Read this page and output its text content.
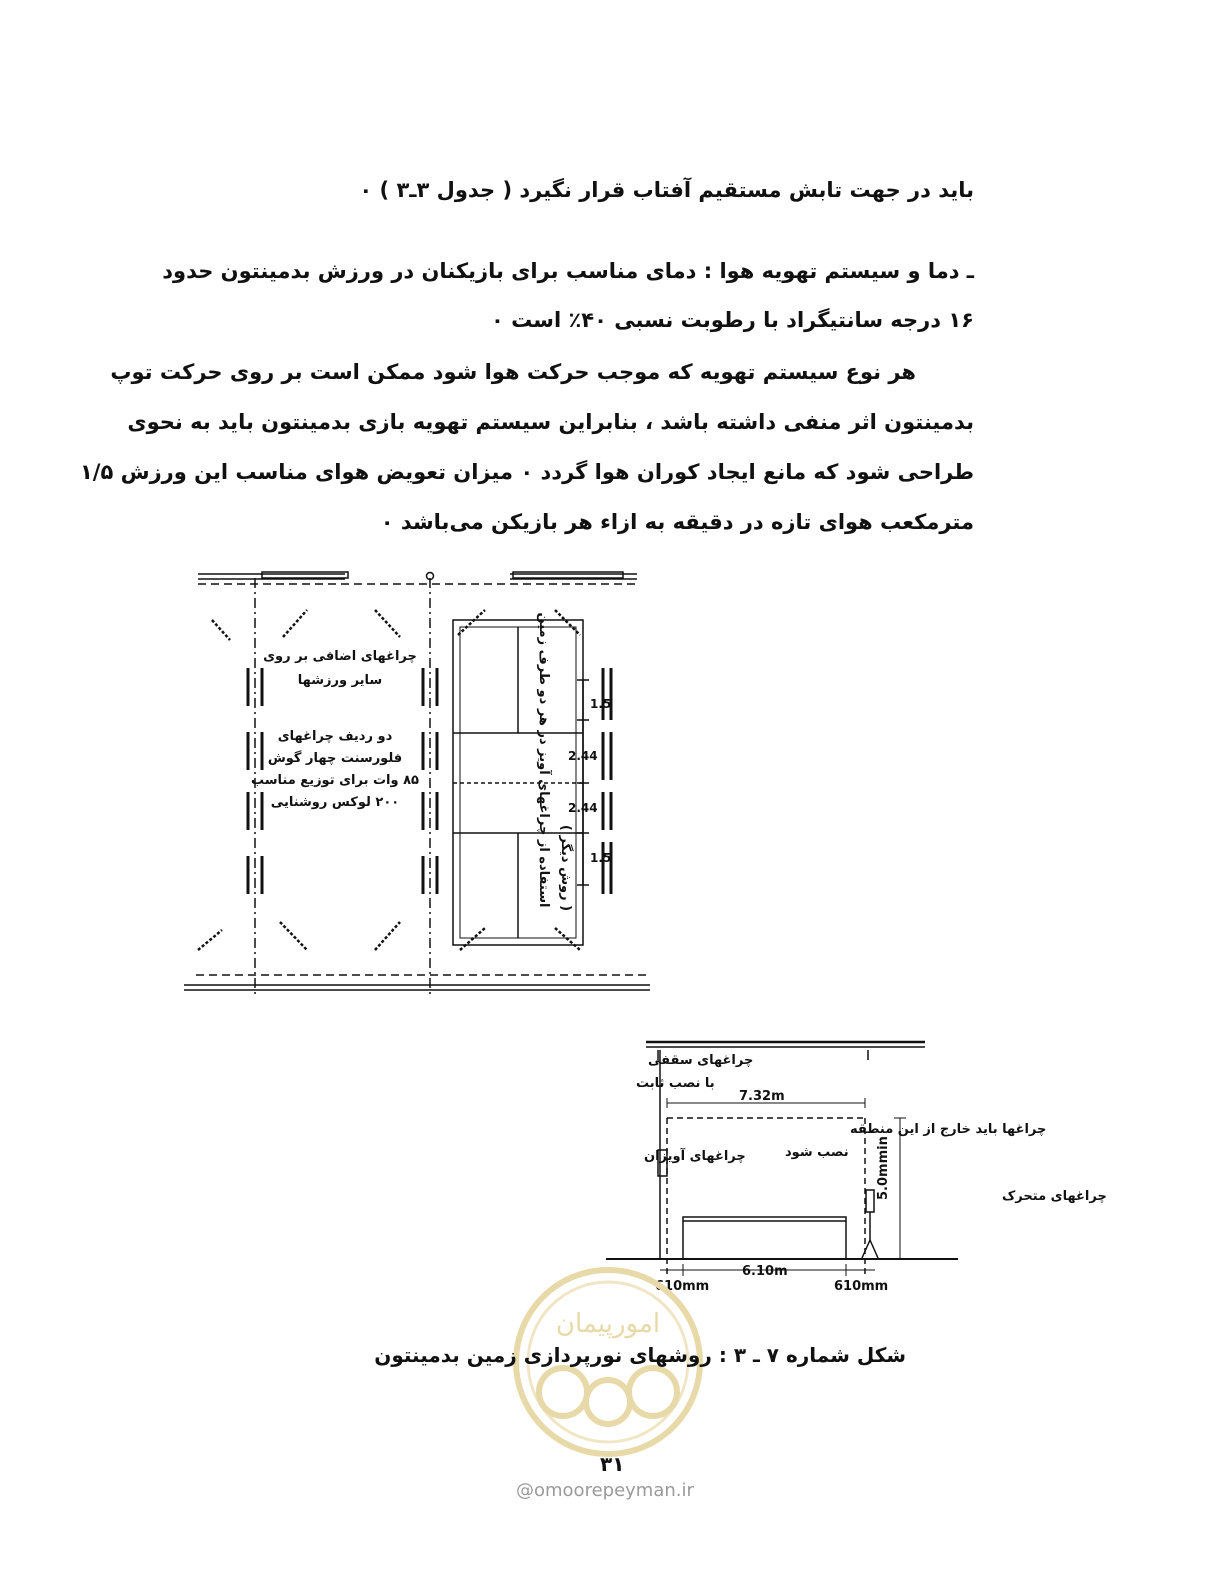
باید در جهت تابش مستقیم آفتاب قرار نگیرد ( جدول ۳ـ۳ ) ۰

ـ دما و سیستم تهویه هوا : دمای مناسب برای بازیکنان در ورزش بدمینتون حدود

۱۶ درجه سانتیگراد با رطوبت نسبی ۴۰٪ است ۰

هر نوع سیستم تهویه که موجب حرکت هوا شود ممکن است بر روی حرکت توپ

بدمینتون اثر منفی داشته باشد ، بنابراین سیستم تهویه بازی بدمینتون باید به نحوی

طراحی شود که مانع ایجاد کوران هوا گردد ۰ میزان تعویض هوای مناسب این ورزش ۱/۵

مترمکعب هوای تازه در دقیقه به ازاء هر بازیکن می‌باشد ۰

1.5
2.44
2.44
1.5
چراغهای اضافی بر روی
سایر ورزشها
دو ردیف چراغهای
فلورسنت چهار گوش
۸۵ وات برای توزیع مناسب
۲۰۰ لوکس روشنایی	استفاده از چراغهای آویز در هر دو طرف زمین ( روش دیگر )
7.32m
5.0mmin
6.10m
610mm	610mm
چراغهای سقفی
با نصب ثابت
چراغهای آویزان
چراغهای متحرک
چراغها باید خارج از این منطقه
نصب شود
امورپیمان
شکل شماره ۷ ـ ۳ : روشهای نورپردازی زمین بدمینتون
۳۱
@omoorepeyman.ir
